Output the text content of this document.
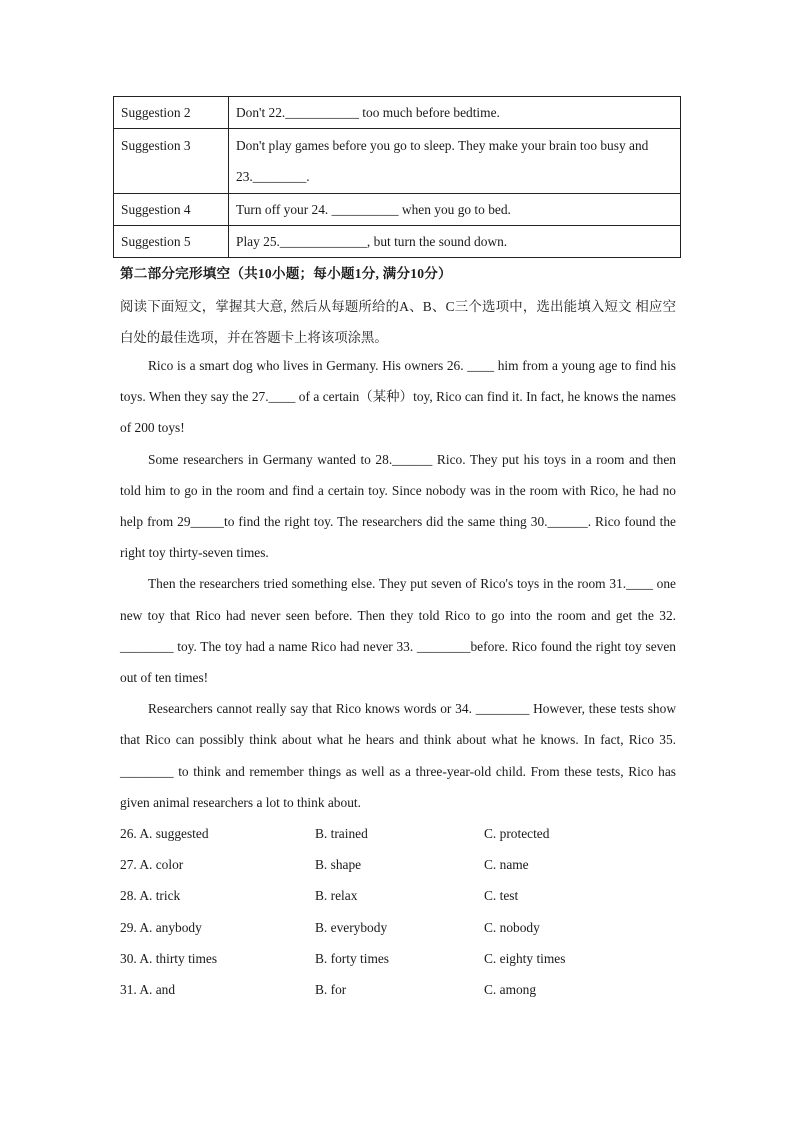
Suggestion 2	Don't 22.___________ too much before bedtime.
Suggestion 3	Don't play games before you go to sleep. They make your brain too busy and 23.________.
Suggestion 4	Turn off your 24. __________ when you go to bed.
Suggestion 5	Play 25._____________, but turn the sound down.
第二部分完形填空（共10小题；每小题1分, 满分10分）
阅读下面短文，掌握其大意, 然后从每题所给的A、B、C三个选项中，选出能填入短文 相应空白处的最佳选项，并在答题卡上将该项涂黑。

Rico is a smart dog who lives in Germany. His owners 26. ____ him from a young age to find his toys. When they say the 27.____ of a certain（某种）toy, Rico can find it. In fact, he knows the names of 200 toys!

Some researchers in Germany wanted to 28.______ Rico. They put his toys in a room and then told him to go in the room and find a certain toy. Since nobody was in the room with Rico, he had no help from 29_____to find the right toy. The researchers did the same thing 30.______. Rico found the right toy thirty-seven times.

Then the researchers tried something else. They put seven of Rico's toys in the room 31.____ one new toy that Rico had never seen before. Then they told Rico to go into the room and get the 32. ________ toy. The toy had a name Rico had never 33. ________before. Rico found the right toy seven out of ten times!

Researchers cannot really say that Rico knows words or 34. ________ However, these tests show that Rico can possibly think about what he hears and think about what he knows. In fact, Rico 35. ________ to think and remember things as well as a three-year-old child. From these tests, Rico has given animal researchers a lot to think about.

26. A. suggested	B. trained	C. protected
27. A. color	B. shape	C. name
28. A. trick	B. relax	C. test
29. A. anybody	B. everybody	C. nobody
30. A. thirty times	B. forty times	C. eighty times
31. A. and	B. for	C. among
